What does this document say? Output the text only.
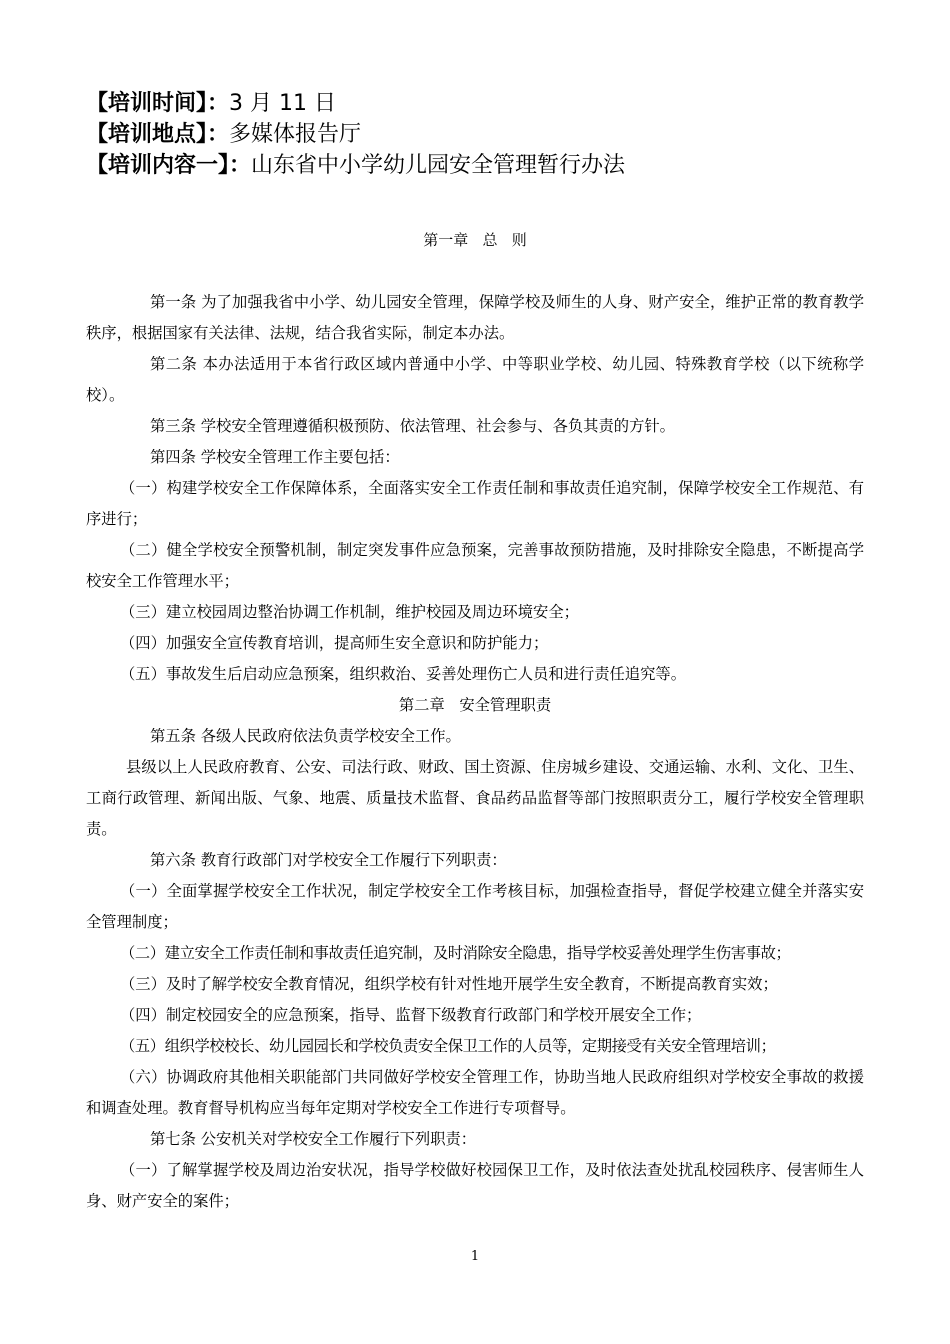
【培训时间】：3 月 11 日
【培训地点】：多媒体报告厅
【培训内容一】：山东省中小学幼儿园安全管理暂行办法
第一章   总   则

第一条 为了加强我省中小学、幼儿园安全管理，保障学校及师生的人身、财产安全，维护正常的教育教学秩序，根据国家有关法律、法规，结合我省实际，制定本办法。

第二条 本办法适用于本省行政区域内普通中小学、中等职业学校、幼儿园、特殊教育学校（以下统称学校）。

第三条 学校安全管理遵循积极预防、依法管理、社会参与、各负其责的方针。

第四条 学校安全管理工作主要包括：

（一）构建学校安全工作保障体系，全面落实安全工作责任制和事故责任追究制，保障学校安全工作规范、有序进行；

（二）健全学校安全预警机制，制定突发事件应急预案，完善事故预防措施，及时排除安全隐患，不断提高学校安全工作管理水平；

（三）建立校园周边整治协调工作机制，维护校园及周边环境安全；

（四）加强安全宣传教育培训，提高师生安全意识和防护能力；

（五）事故发生后启动应急预案，组织救治、妥善处理伤亡人员和进行责任追究等。

第二章   安全管理职责

第五条 各级人民政府依法负责学校安全工作。

县级以上人民政府教育、公安、司法行政、财政、国土资源、住房城乡建设、交通运输、水利、文化、卫生、工商行政管理、新闻出版、气象、地震、质量技术监督、食品药品监督等部门按照职责分工，履行学校安全管理职责。

第六条 教育行政部门对学校安全工作履行下列职责：

（一）全面掌握学校安全工作状况，制定学校安全工作考核目标，加强检查指导，督促学校建立健全并落实安全管理制度；

（二）建立安全工作责任制和事故责任追究制，及时消除安全隐患，指导学校妥善处理学生伤害事故；

（三）及时了解学校安全教育情况，组织学校有针对性地开展学生安全教育，不断提高教育实效；

（四）制定校园安全的应急预案，指导、监督下级教育行政部门和学校开展安全工作；

（五）组织学校校长、幼儿园园长和学校负责安全保卫工作的人员等，定期接受有关安全管理培训；

（六）协调政府其他相关职能部门共同做好学校安全管理工作，协助当地人民政府组织对学校安全事故的救援和调查处理。教育督导机构应当每年定期对学校安全工作进行专项督导。

第七条 公安机关对学校安全工作履行下列职责：

（一）了解掌握学校及周边治安状况，指导学校做好校园保卫工作，及时依法查处扰乱校园秩序、侵害师生人身、财产安全的案件；

1
